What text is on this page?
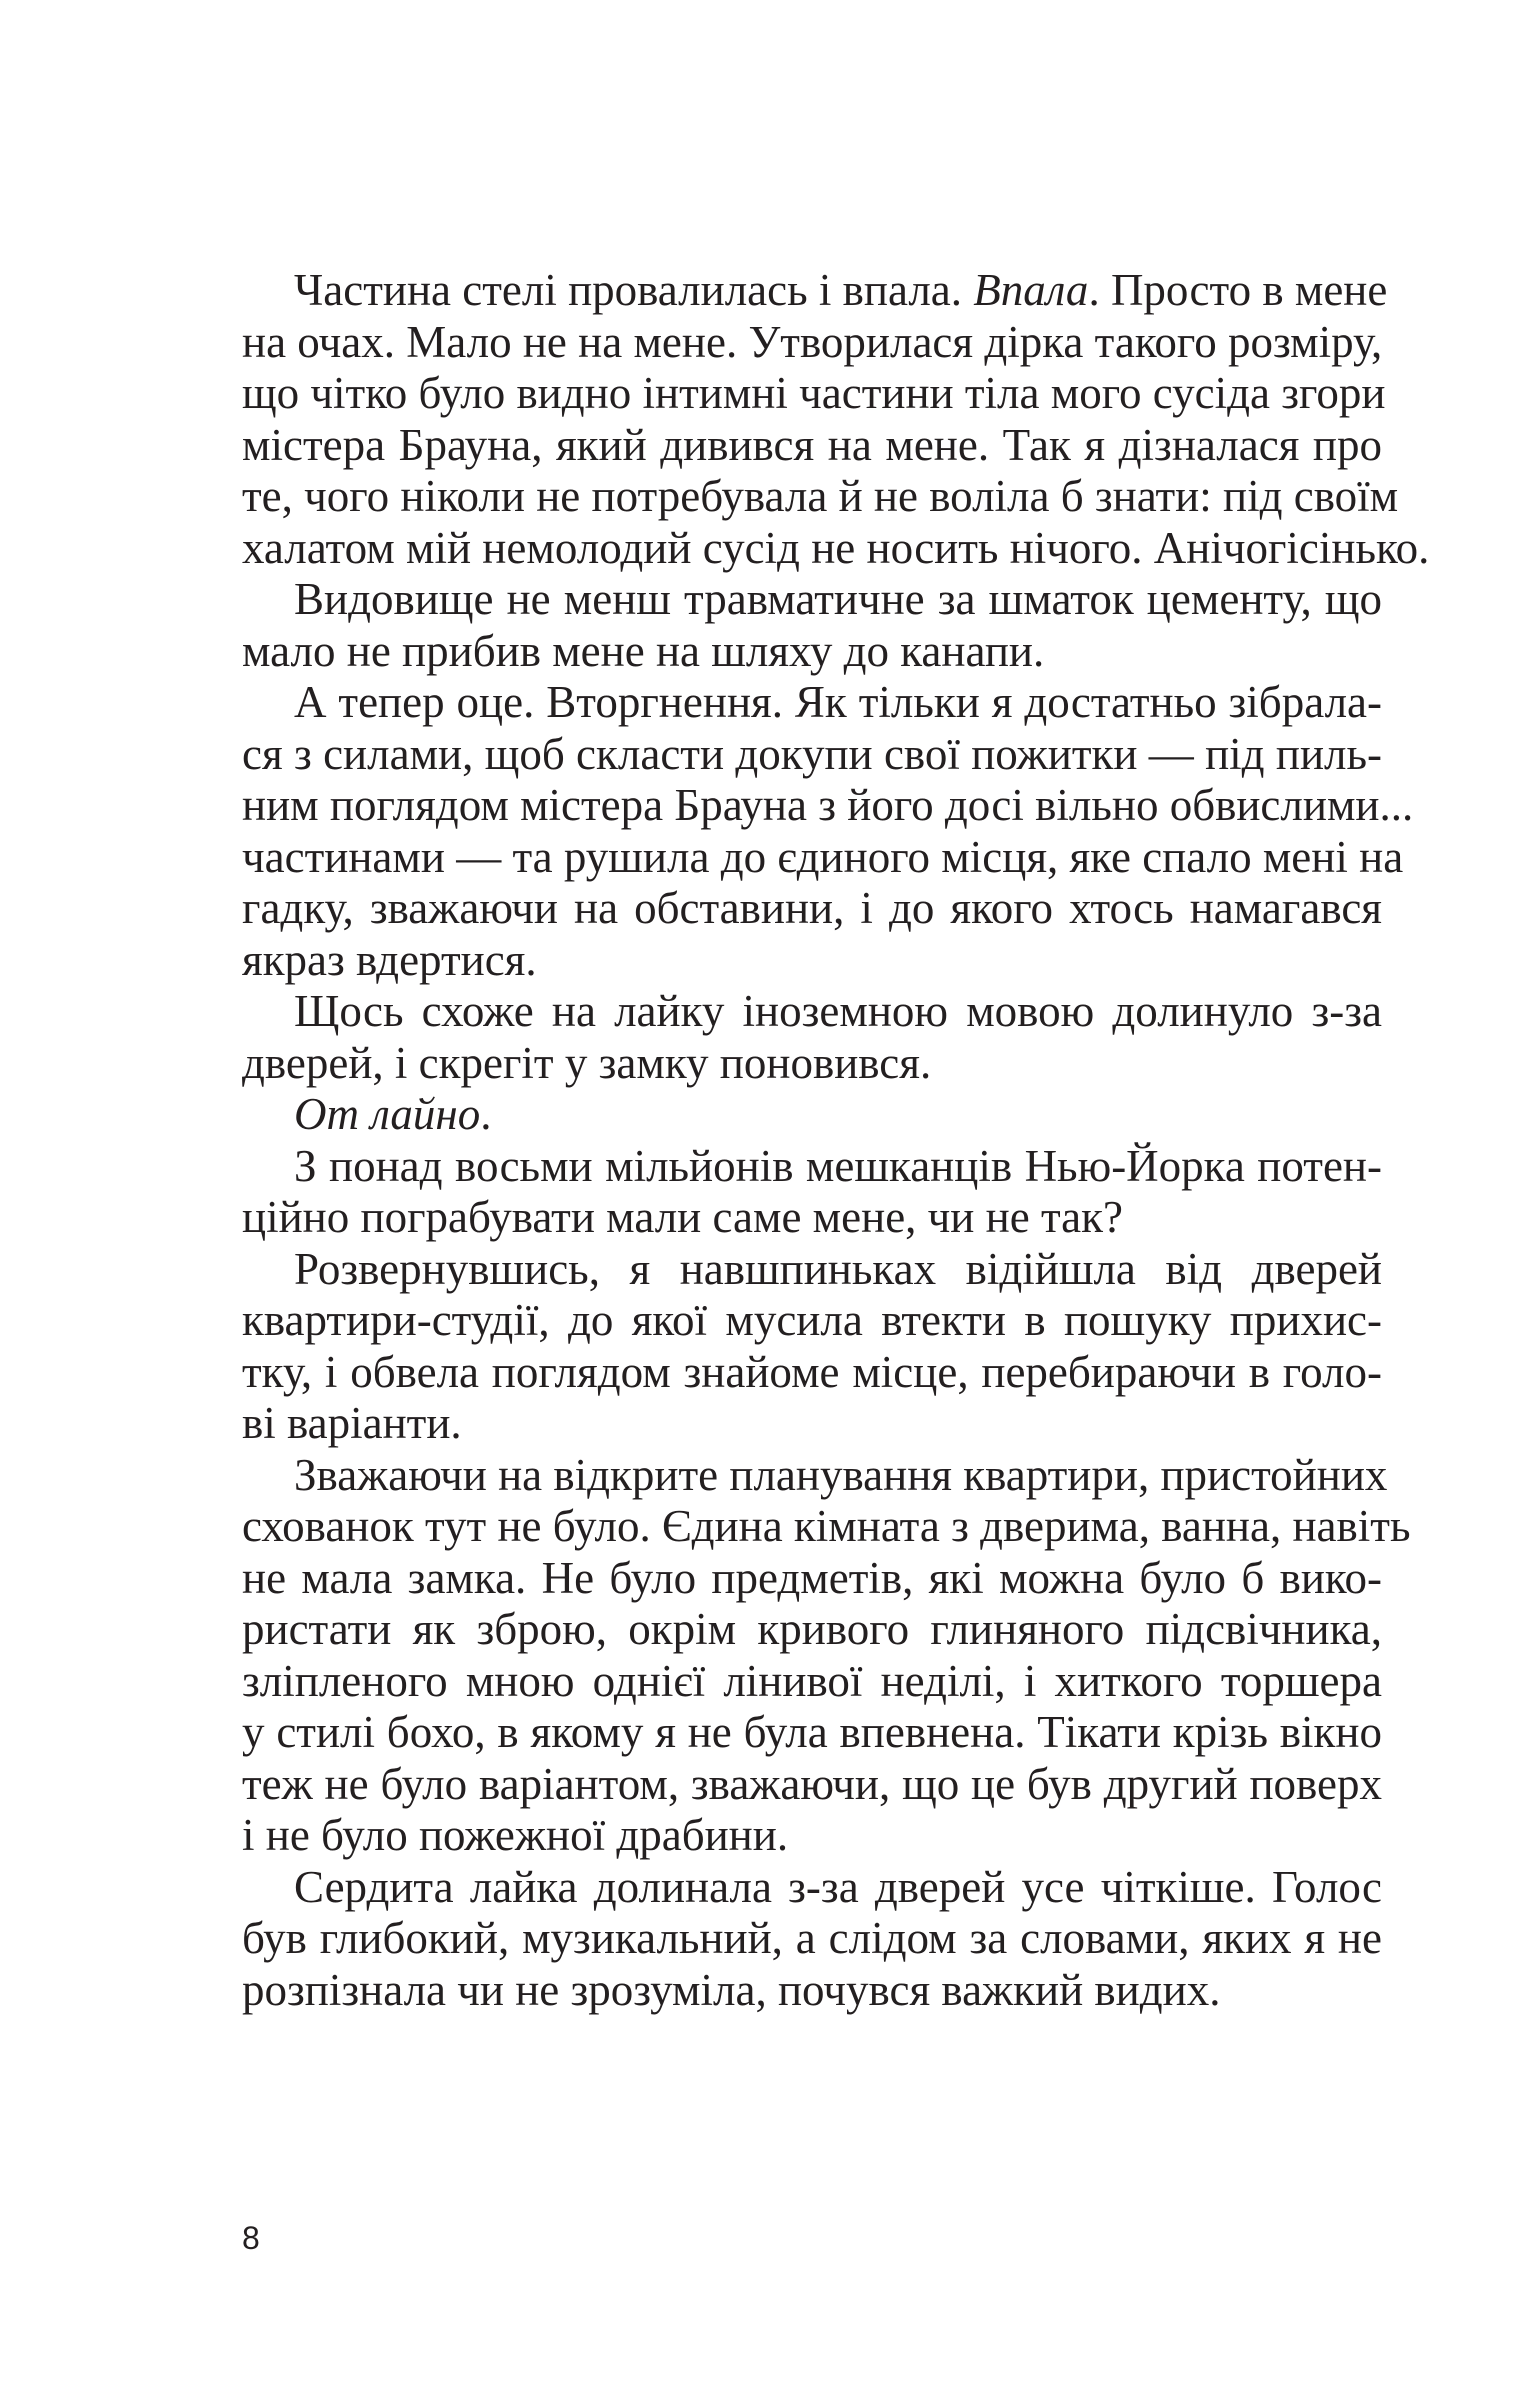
Частина стелі провалилась і впала. Впала. Просто в мене
на очах. Мало не на мене. Утворилася дірка такого розміру,
що чітко було видно інтимні частини тіла мого сусіда згори
містера Брауна, який дивився на мене. Так я дізналася про
те, чого ніколи не потребувала й не воліла б знати: під своїм
халатом мій немолодий сусід не носить нічого. Анічогісінько.
Видовище не менш травматичне за шматок цементу, що
мало не прибив мене на шляху до канапи.
А тепер оце. Вторгнення. Як тільки я достатньо зібрала-
ся з силами, щоб скласти докупи свої пожитки — під пиль-
ним поглядом містера Брауна з його досі вільно обвислими...
частинами — та рушила до єдиного місця, яке спало мені на
гадку, зважаючи на обставини, і до якого хтось намагався
якраз вдертися.
Щось схоже на лайку іноземною мовою долинуло з-за
дверей, і скрегіт у замку поновився.
От лайно.
З понад восьми мільйонів мешканців Нью-Йорка потен-
ційно пограбувати мали саме мене, чи не так?
Розвернувшись, я навшпиньках відійшла від дверей
квартири-студії, до якої мусила втекти в пошуку прихис-
тку, і обвела поглядом знайоме місце, перебираючи в голо-
ві варіанти.
Зважаючи на відкрите планування квартири, пристойних
схованок тут не було. Єдина кімната з дверима, ванна, навіть
не мала замка. Не було предметів, які можна було б вико-
ристати як зброю, окрім кривого глиняного підсвічника,
зліпленого мною однієї лінивої неділі, і хиткого торшера
у стилі бохо, в якому я не була впевнена. Тікати крізь вікно
теж не було варіантом, зважаючи, що це був другий поверх
і не було пожежної драбини.
Сердита лайка долинала з-за дверей усе чіткіше. Голос
був глибокий, музикальний, а слідом за словами, яких я не
розпізнала чи не зрозуміла, почувся важкий видих.
8
